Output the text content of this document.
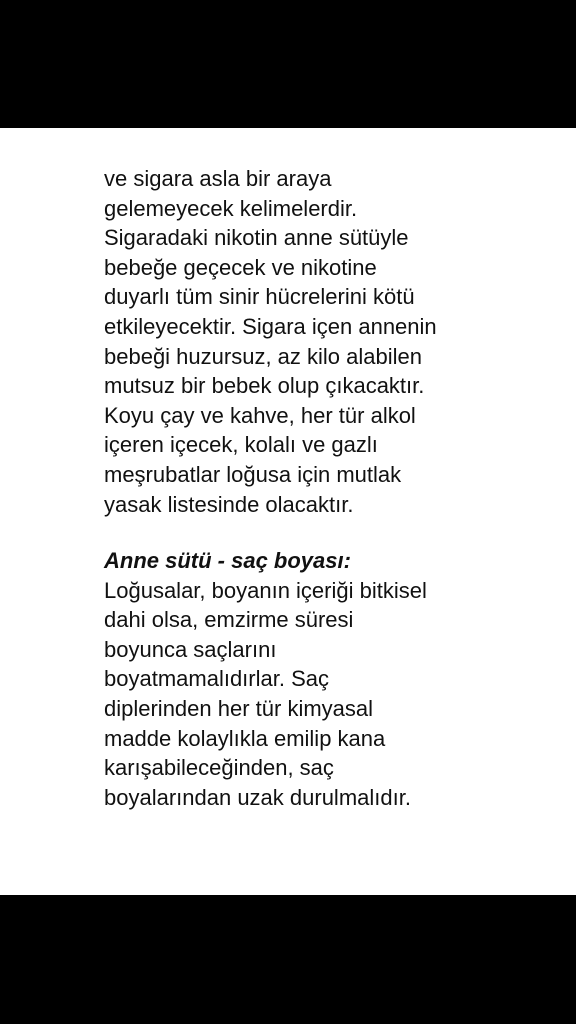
ve sigara asla bir araya
gelemeyecek kelimelerdir.
Sigaradaki nikotin anne sütüyle
bebeğe geçecek ve nikotine
duyarlı tüm sinir hücrelerini kötü
etkileyecektir. Sigara içen annenin
bebeği huzursuz, az kilo alabilen
mutsuz bir bebek olup çıkacaktır.
Koyu çay ve kahve, her tür alkol
içeren içecek, kolalı ve gazlı
meşrubatlar loğusa için mutlak
yasak listesinde olacaktır.
Anne sütü - saç boyası:
Loğusalar, boyanın içeriği bitkisel
dahi olsa, emzirme süresi
boyunca saçlarını
boyatmamalıdırlar. Saç
diplerinden her tür kimyasal
madde kolaylıkla emilip kana
karışabileceğinden, saç
boyalarından uzak durulmalıdır.
